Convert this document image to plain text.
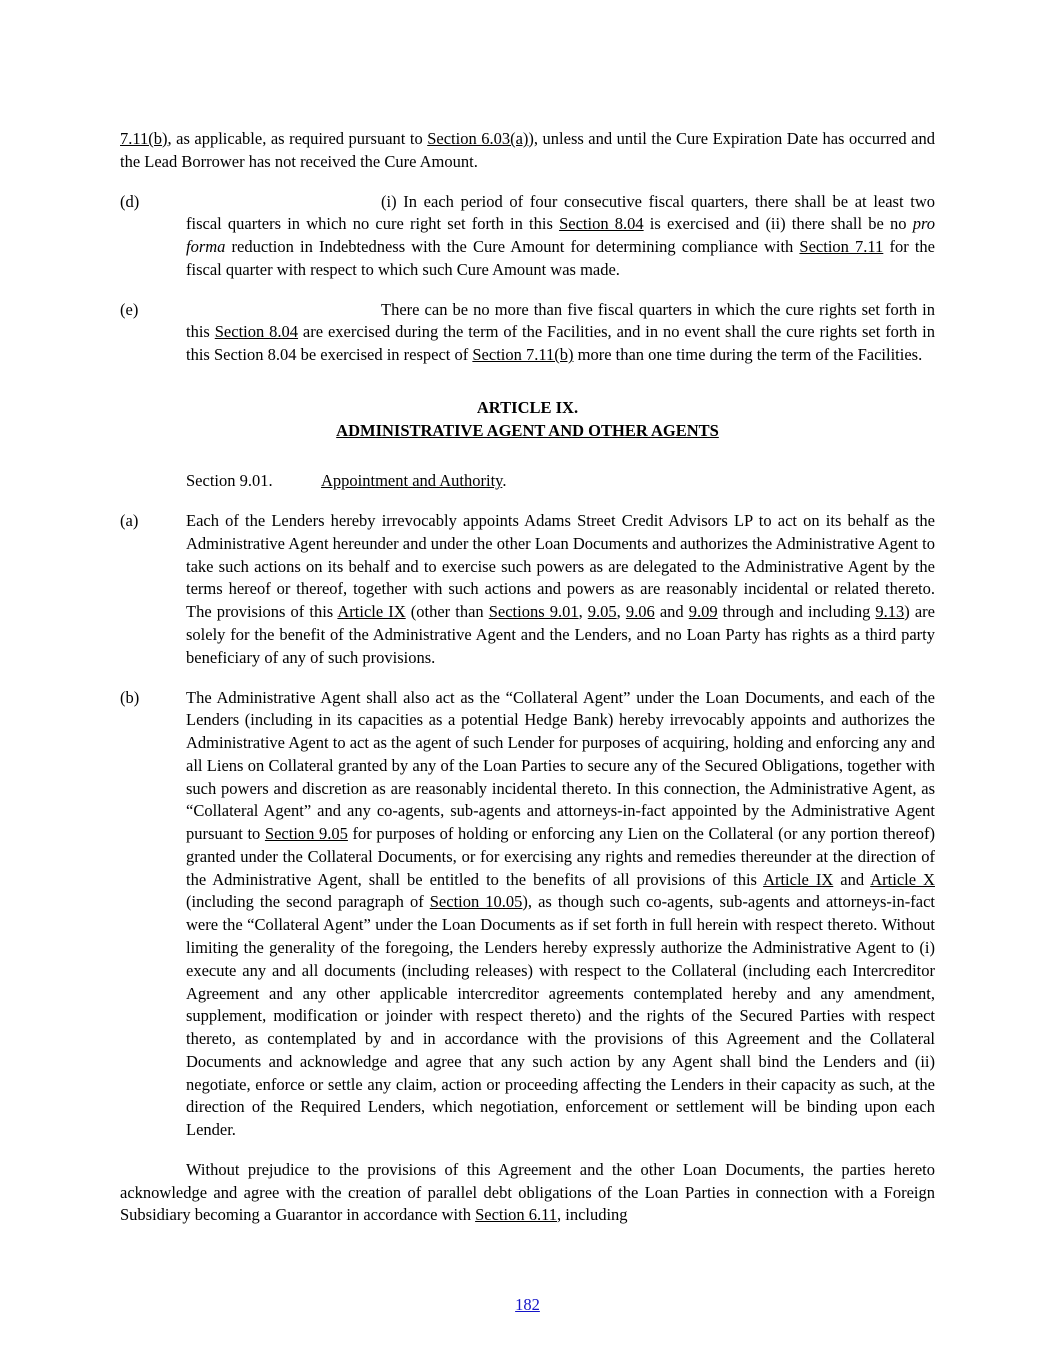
7.11(b), as applicable, as required pursuant to Section 6.03(a)), unless and until the Cure Expiration Date has occurred and the Lead Borrower has not received the Cure Amount.

(d)	(i) In each period of four consecutive fiscal quarters, there shall be at least two fiscal quarters in which no cure right set forth in this Section 8.04 is exercised and (ii) there shall be no pro forma reduction in Indebtedness with the Cure Amount for determining compliance with Section 7.11 for the fiscal quarter with respect to which such Cure Amount was made.

(e)	There can be no more than five fiscal quarters in which the cure rights set forth in this Section 8.04 are exercised during the term of the Facilities, and in no event shall the cure rights set forth in this Section 8.04 be exercised in respect of Section 7.11(b) more than one time during the term of the Facilities.

ARTICLE IX.

ADMINISTRATIVE AGENT AND OTHER AGENTS

Section 9.01.	Appointment and Authority.

(a)	Each of the Lenders hereby irrevocably appoints Adams Street Credit Advisors LP to act on its behalf as the Administrative Agent hereunder and under the other Loan Documents and authorizes the Administrative Agent to take such actions on its behalf and to exercise such powers as are delegated to the Administrative Agent by the terms hereof or thereof, together with such actions and powers as are reasonably incidental or related thereto. The provisions of this Article IX (other than Sections 9.01, 9.05, 9.06 and 9.09 through and including 9.13) are solely for the benefit of the Administrative Agent and the Lenders, and no Loan Party has rights as a third party beneficiary of any of such provisions.

(b)	The Administrative Agent shall also act as the “Collateral Agent” under the Loan Documents, and each of the Lenders (including in its capacities as a potential Hedge Bank) hereby irrevocably appoints and authorizes the Administrative Agent to act as the agent of such Lender for purposes of acquiring, holding and enforcing any and all Liens on Collateral granted by any of the Loan Parties to secure any of the Secured Obligations, together with such powers and discretion as are reasonably incidental thereto. In this connection, the Administrative Agent, as “Collateral Agent” and any co-agents, sub-agents and attorneys-in-fact appointed by the Administrative Agent pursuant to Section 9.05 for purposes of holding or enforcing any Lien on the Collateral (or any portion thereof) granted under the Collateral Documents, or for exercising any rights and remedies thereunder at the direction of the Administrative Agent, shall be entitled to the benefits of all provisions of this Article IX and Article X (including the second paragraph of Section 10.05), as though such co-agents, sub-agents and attorneys-in-fact were the “Collateral Agent” under the Loan Documents as if set forth in full herein with respect thereto. Without limiting the generality of the foregoing, the Lenders hereby expressly authorize the Administrative Agent to (i) execute any and all documents (including releases) with respect to the Collateral (including each Intercreditor Agreement and any other applicable intercreditor agreements contemplated hereby and any amendment, supplement, modification or joinder with respect thereto) and the rights of the Secured Parties with respect thereto, as contemplated by and in accordance with the provisions of this Agreement and the Collateral Documents and acknowledge and agree that any such action by any Agent shall bind the Lenders and (ii) negotiate, enforce or settle any claim, action or proceeding affecting the Lenders in their capacity as such, at the direction of the Required Lenders, which negotiation, enforcement or settlement will be binding upon each Lender.

Without prejudice to the provisions of this Agreement and the other Loan Documents, the parties hereto acknowledge and agree with the creation of parallel debt obligations of the Loan Parties in connection with a Foreign Subsidiary becoming a Guarantor in accordance with Section 6.11, including

182
